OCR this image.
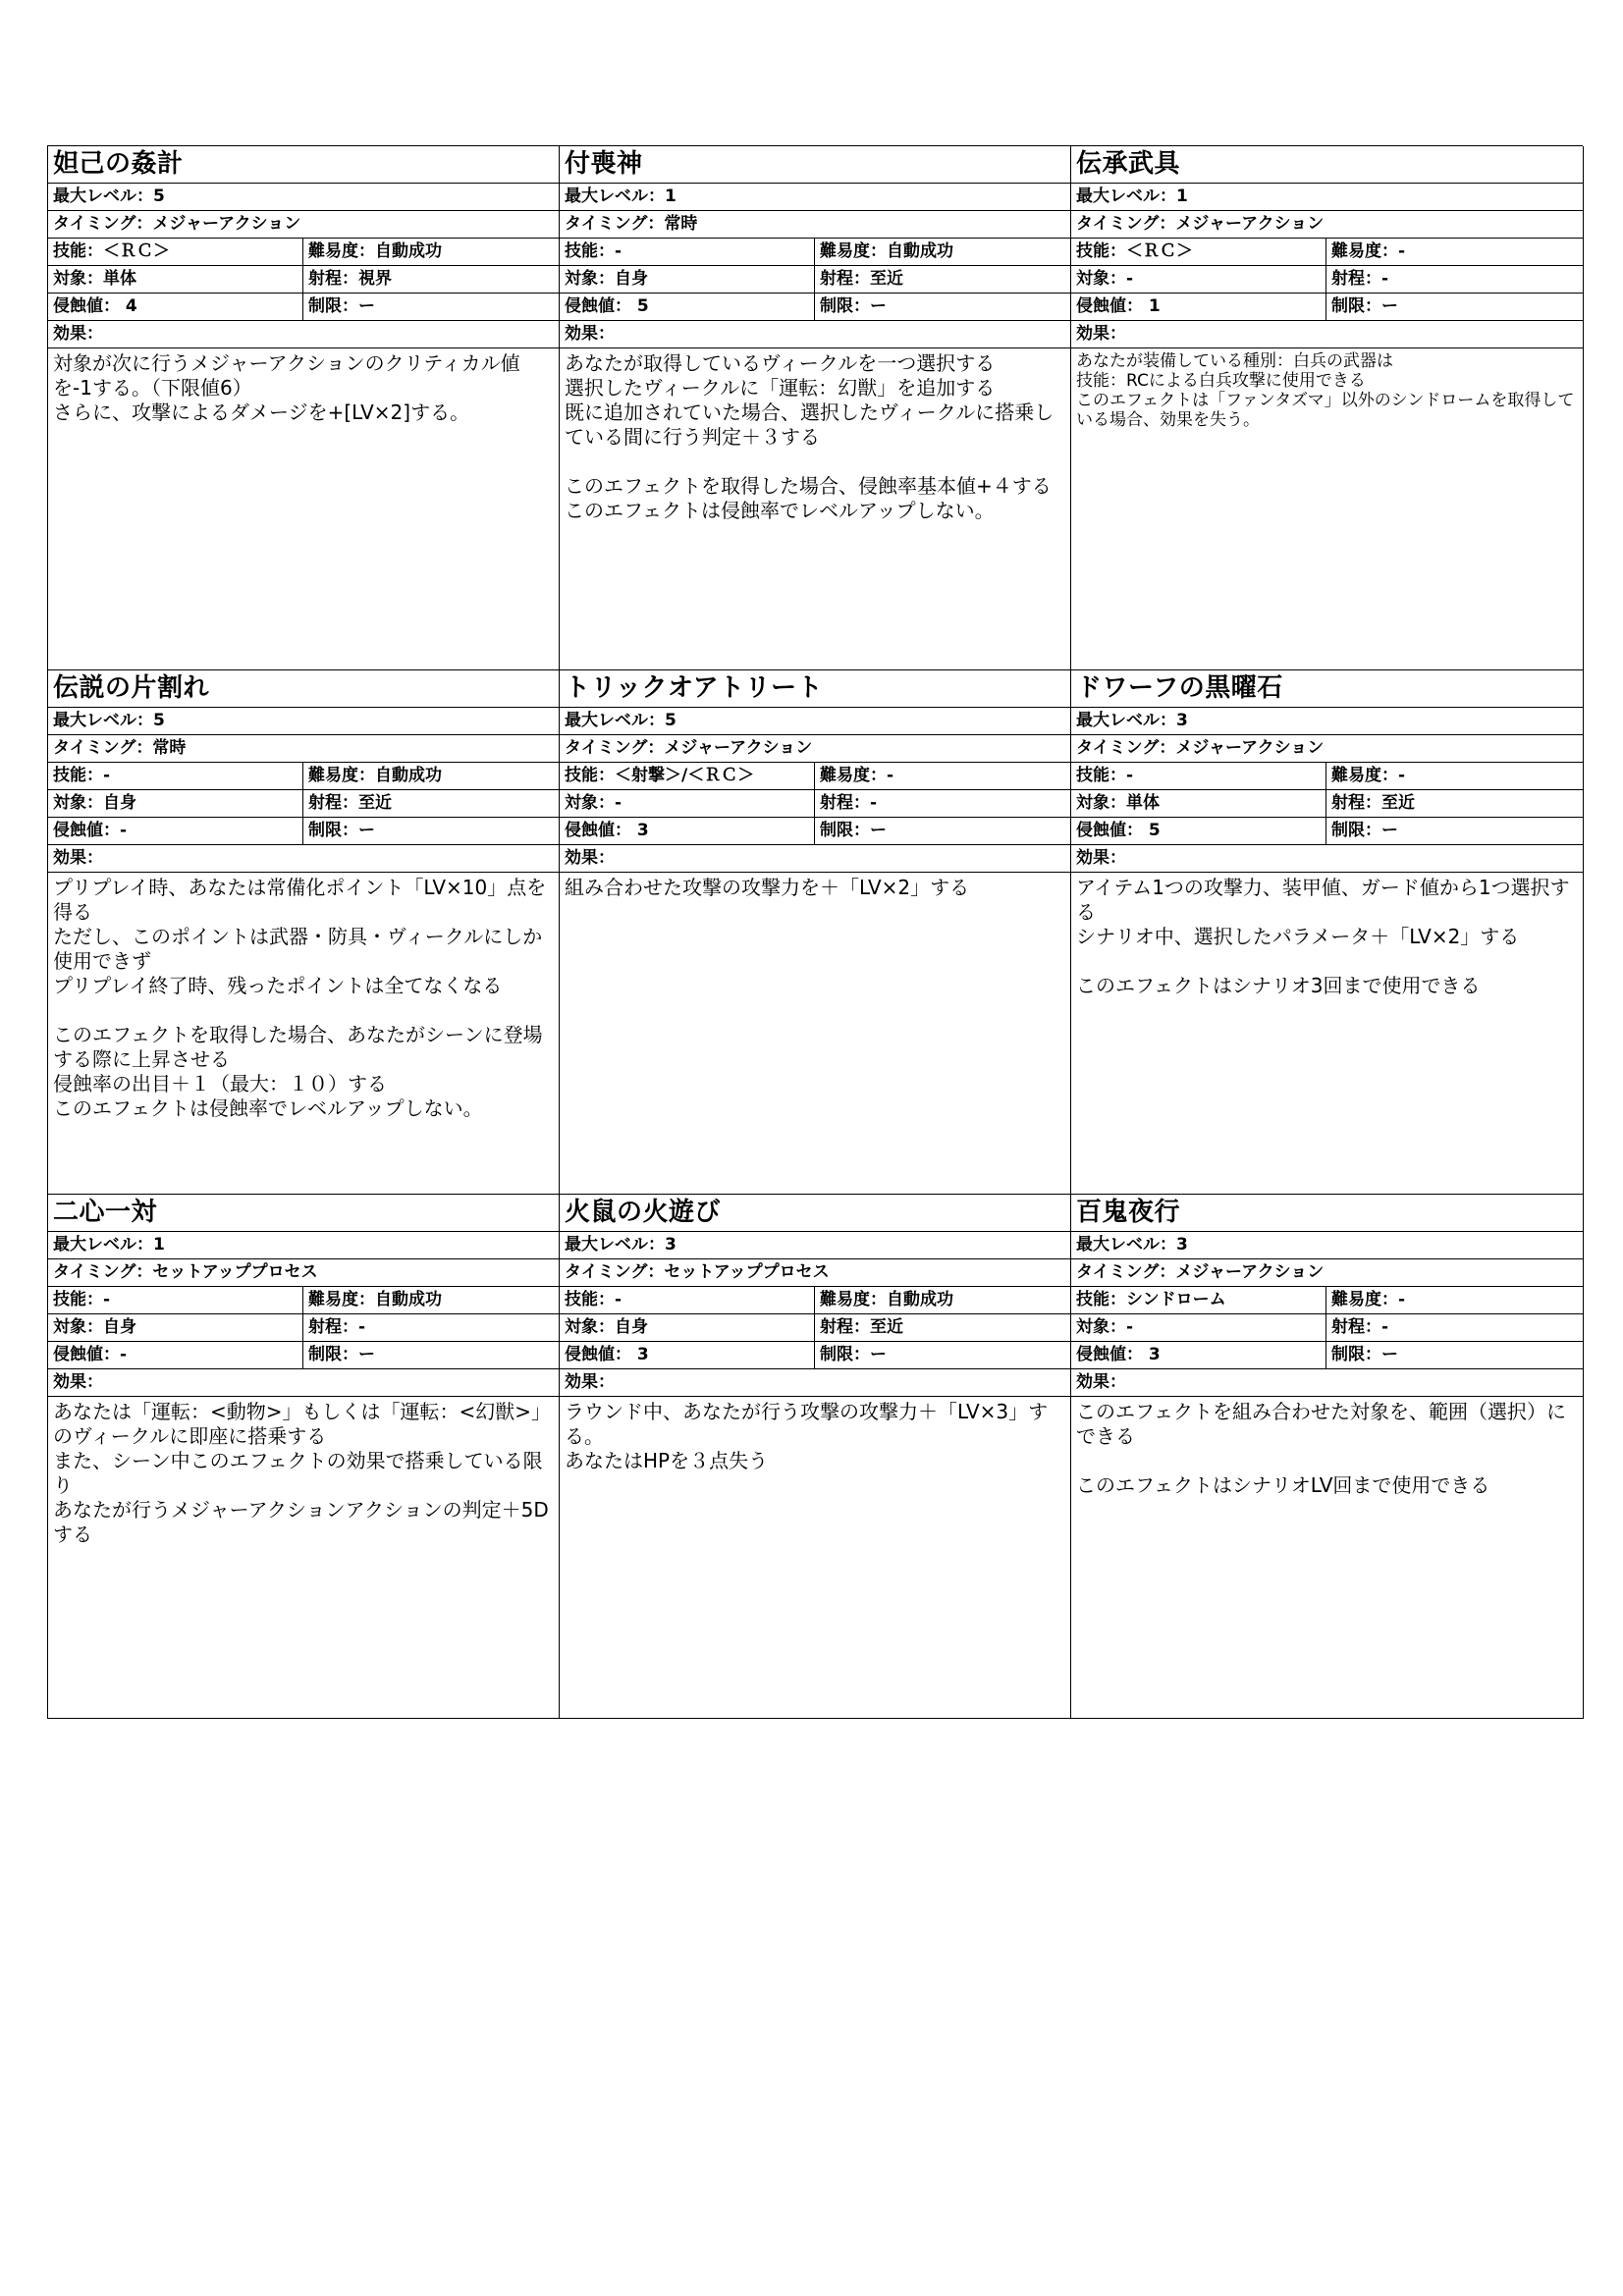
妲己の姦計
最大レベル：5
タイミング：メジャーアクション
技能：＜ＲＣ＞	難易度：自動成功
対象：単体	射程：視界
侵蝕値： 4	制限：ー
効果：
対象が次に行うメジャーアクションのクリティカル値を-1する。（下限値6）
さらに、攻撃によるダメージを+[LV×2]する。
付喪神
最大レベル：1
タイミング：常時
技能：-	難易度：自動成功
対象：自身	射程：至近
侵蝕値： 5	制限：ー
効果：
あなたが取得しているヴィークルを一つ選択する
選択したヴィークルに「運転：幻獣」を追加する
既に追加されていた場合、選択したヴィークルに搭乗している間に行う判定＋３する

このエフェクトを取得した場合、侵蝕率基本値+４する
このエフェクトは侵蝕率でレベルアップしない。
伝承武具
最大レベル：1
タイミング：メジャーアクション
技能：＜ＲＣ＞	難易度：-
対象：-	射程：-
侵蝕値： 1	制限：ー
効果：
あなたが装備している種別：白兵の武器は
技能：RCによる白兵攻撃に使用できる
このエフェクトは「ファンタズマ」以外のシンドロームを取得している場合、効果を失う。
伝説の片割れ
最大レベル：5
タイミング：常時
技能：-	難易度：自動成功
対象：自身	射程：至近
侵蝕値：-	制限：ー
効果：
プリプレイ時、あなたは常備化ポイント「LV×10」点を得る
ただし、このポイントは武器・防具・ヴィークルにしか使用できず
プリプレイ終了時、残ったポイントは全てなくなる

このエフェクトを取得した場合、あなたがシーンに登場する際に上昇させる
侵蝕率の出目＋１（最大：１０）する
このエフェクトは侵蝕率でレベルアップしない。
トリックオアトリート
最大レベル：5
タイミング：メジャーアクション
技能：＜射撃＞/＜ＲＣ＞	難易度：-
対象：-	射程：-
侵蝕値： 3	制限：ー
効果：
組み合わせた攻撃の攻撃力を＋「LV×2」する
ドワーフの黒曜石
最大レベル：3
タイミング：メジャーアクション
技能：-	難易度：-
対象：単体	射程：至近
侵蝕値： 5	制限：ー
効果：
アイテム1つの攻撃力、装甲値、ガード値から1つ選択する
シナリオ中、選択したパラメータ＋「LV×2」する

このエフェクトはシナリオ3回まで使用できる
二心一対
最大レベル：1
タイミング：セットアッププロセス
技能：-	難易度：自動成功
対象：自身	射程：-
侵蝕値：-	制限：ー
効果：
あなたは「運転：<動物>」もしくは「運転：<幻獣>」のヴィークルに即座に搭乗する
また、シーン中このエフェクトの効果で搭乗している限り
あなたが行うメジャーアクションアクションの判定＋5Dする
火鼠の火遊び
最大レベル：3
タイミング：セットアッププロセス
技能：-	難易度：自動成功
対象：自身	射程：至近
侵蝕値： 3	制限：ー
効果：
ラウンド中、あなたが行う攻撃の攻撃力＋「LV×3」する。
あなたはHPを３点失う
百鬼夜行
最大レベル：3
タイミング：メジャーアクション
技能：シンドローム	難易度：-
対象：-	射程：-
侵蝕値： 3	制限：ー
効果：
このエフェクトを組み合わせた対象を、範囲（選択）にできる

このエフェクトはシナリオLV回まで使用できる
